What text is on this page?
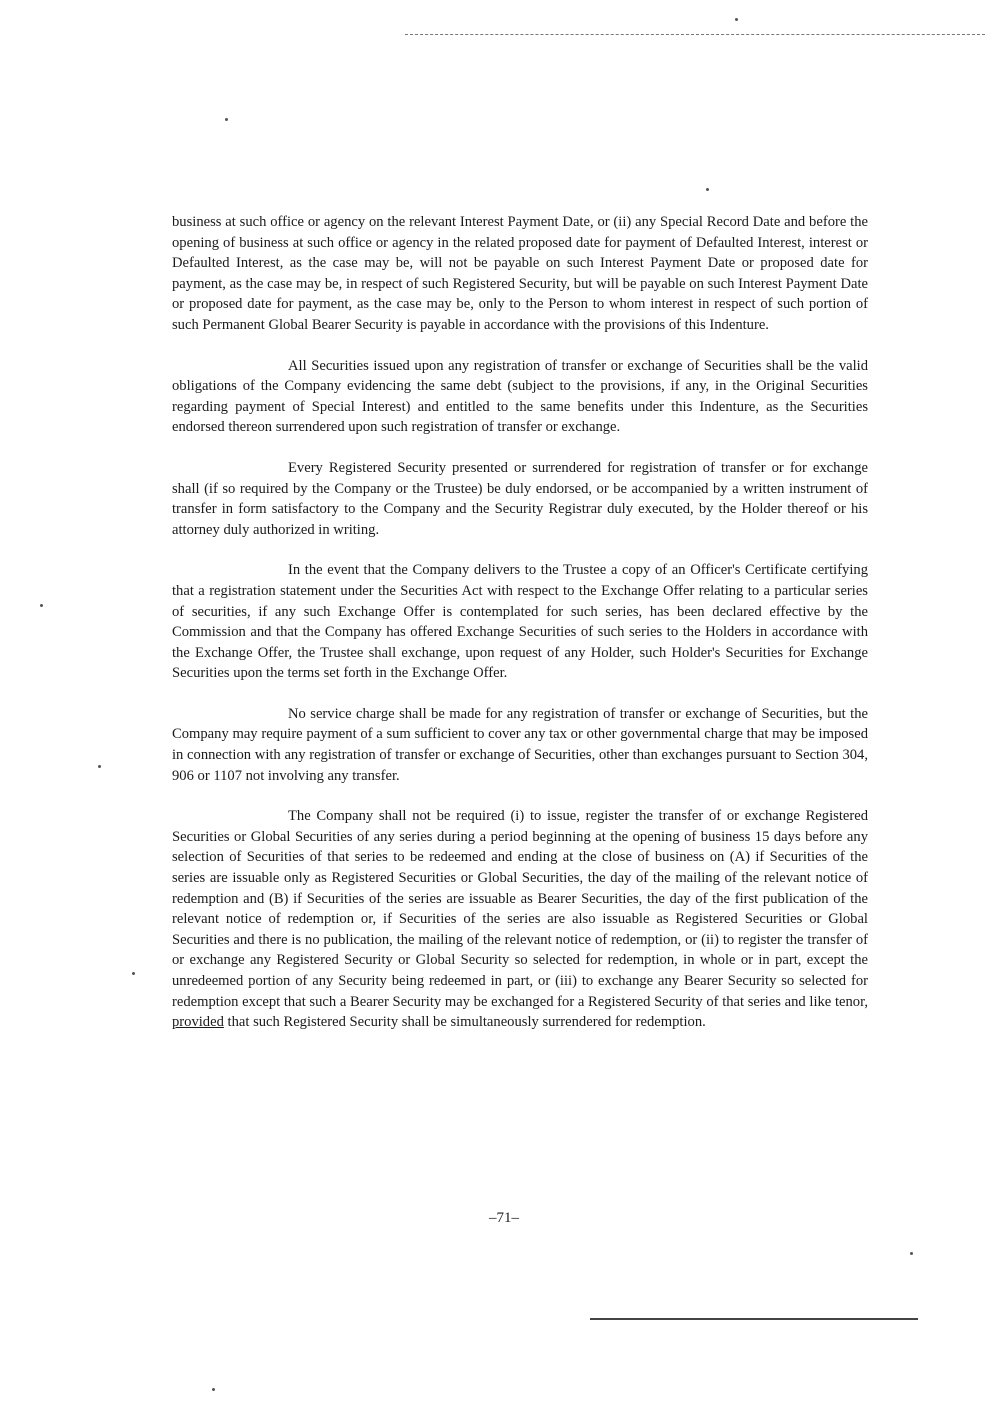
business at such office or agency on the relevant Interest Payment Date, or (ii) any Special Record Date and before the opening of business at such office or agency in the related proposed date for payment of Defaulted Interest, interest or Defaulted Interest, as the case may be, will not be payable on such Interest Payment Date or proposed date for payment, as the case may be, in respect of such Registered Security, but will be payable on such Interest Payment Date or proposed date for payment, as the case may be, only to the Person to whom interest in respect of such portion of such Permanent Global Bearer Security is payable in accordance with the provisions of this Indenture.

All Securities issued upon any registration of transfer or exchange of Securities shall be the valid obligations of the Company evidencing the same debt (subject to the provisions, if any, in the Original Securities regarding payment of Special Interest) and entitled to the same benefits under this Indenture, as the Securities endorsed thereon surrendered upon such registration of transfer or exchange.

Every Registered Security presented or surrendered for registration of transfer or for exchange shall (if so required by the Company or the Trustee) be duly endorsed, or be accompanied by a written instrument of transfer in form satisfactory to the Company and the Security Registrar duly executed, by the Holder thereof or his attorney duly authorized in writing.

In the event that the Company delivers to the Trustee a copy of an Officer's Certificate certifying that a registration statement under the Securities Act with respect to the Exchange Offer relating to a particular series of securities, if any such Exchange Offer is contemplated for such series, has been declared effective by the Commission and that the Company has offered Exchange Securities of such series to the Holders in accordance with the Exchange Offer, the Trustee shall exchange, upon request of any Holder, such Holder's Securities for Exchange Securities upon the terms set forth in the Exchange Offer.

No service charge shall be made for any registration of transfer or exchange of Securities, but the Company may require payment of a sum sufficient to cover any tax or other governmental charge that may be imposed in connection with any registration of transfer or exchange of Securities, other than exchanges pursuant to Section 304, 906 or 1107 not involving any transfer.

The Company shall not be required (i) to issue, register the transfer of or exchange Registered Securities or Global Securities of any series during a period beginning at the opening of business 15 days before any selection of Securities of that series to be redeemed and ending at the close of business on (A) if Securities of the series are issuable only as Registered Securities or Global Securities, the day of the mailing of the relevant notice of redemption and (B) if Securities of the series are issuable as Bearer Securities, the day of the first publication of the relevant notice of redemption or, if Securities of the series are also issuable as Registered Securities or Global Securities and there is no publication, the mailing of the relevant notice of redemption, or (ii) to register the transfer of or exchange any Registered Security or Global Security so selected for redemption, in whole or in part, except the unredeemed portion of any Security being redeemed in part, or (iii) to exchange any Bearer Security so selected for redemption except that such a Bearer Security may be exchanged for a Registered Security of that series and like tenor, provided that such Registered Security shall be simultaneously surrendered for redemption.

–71–
